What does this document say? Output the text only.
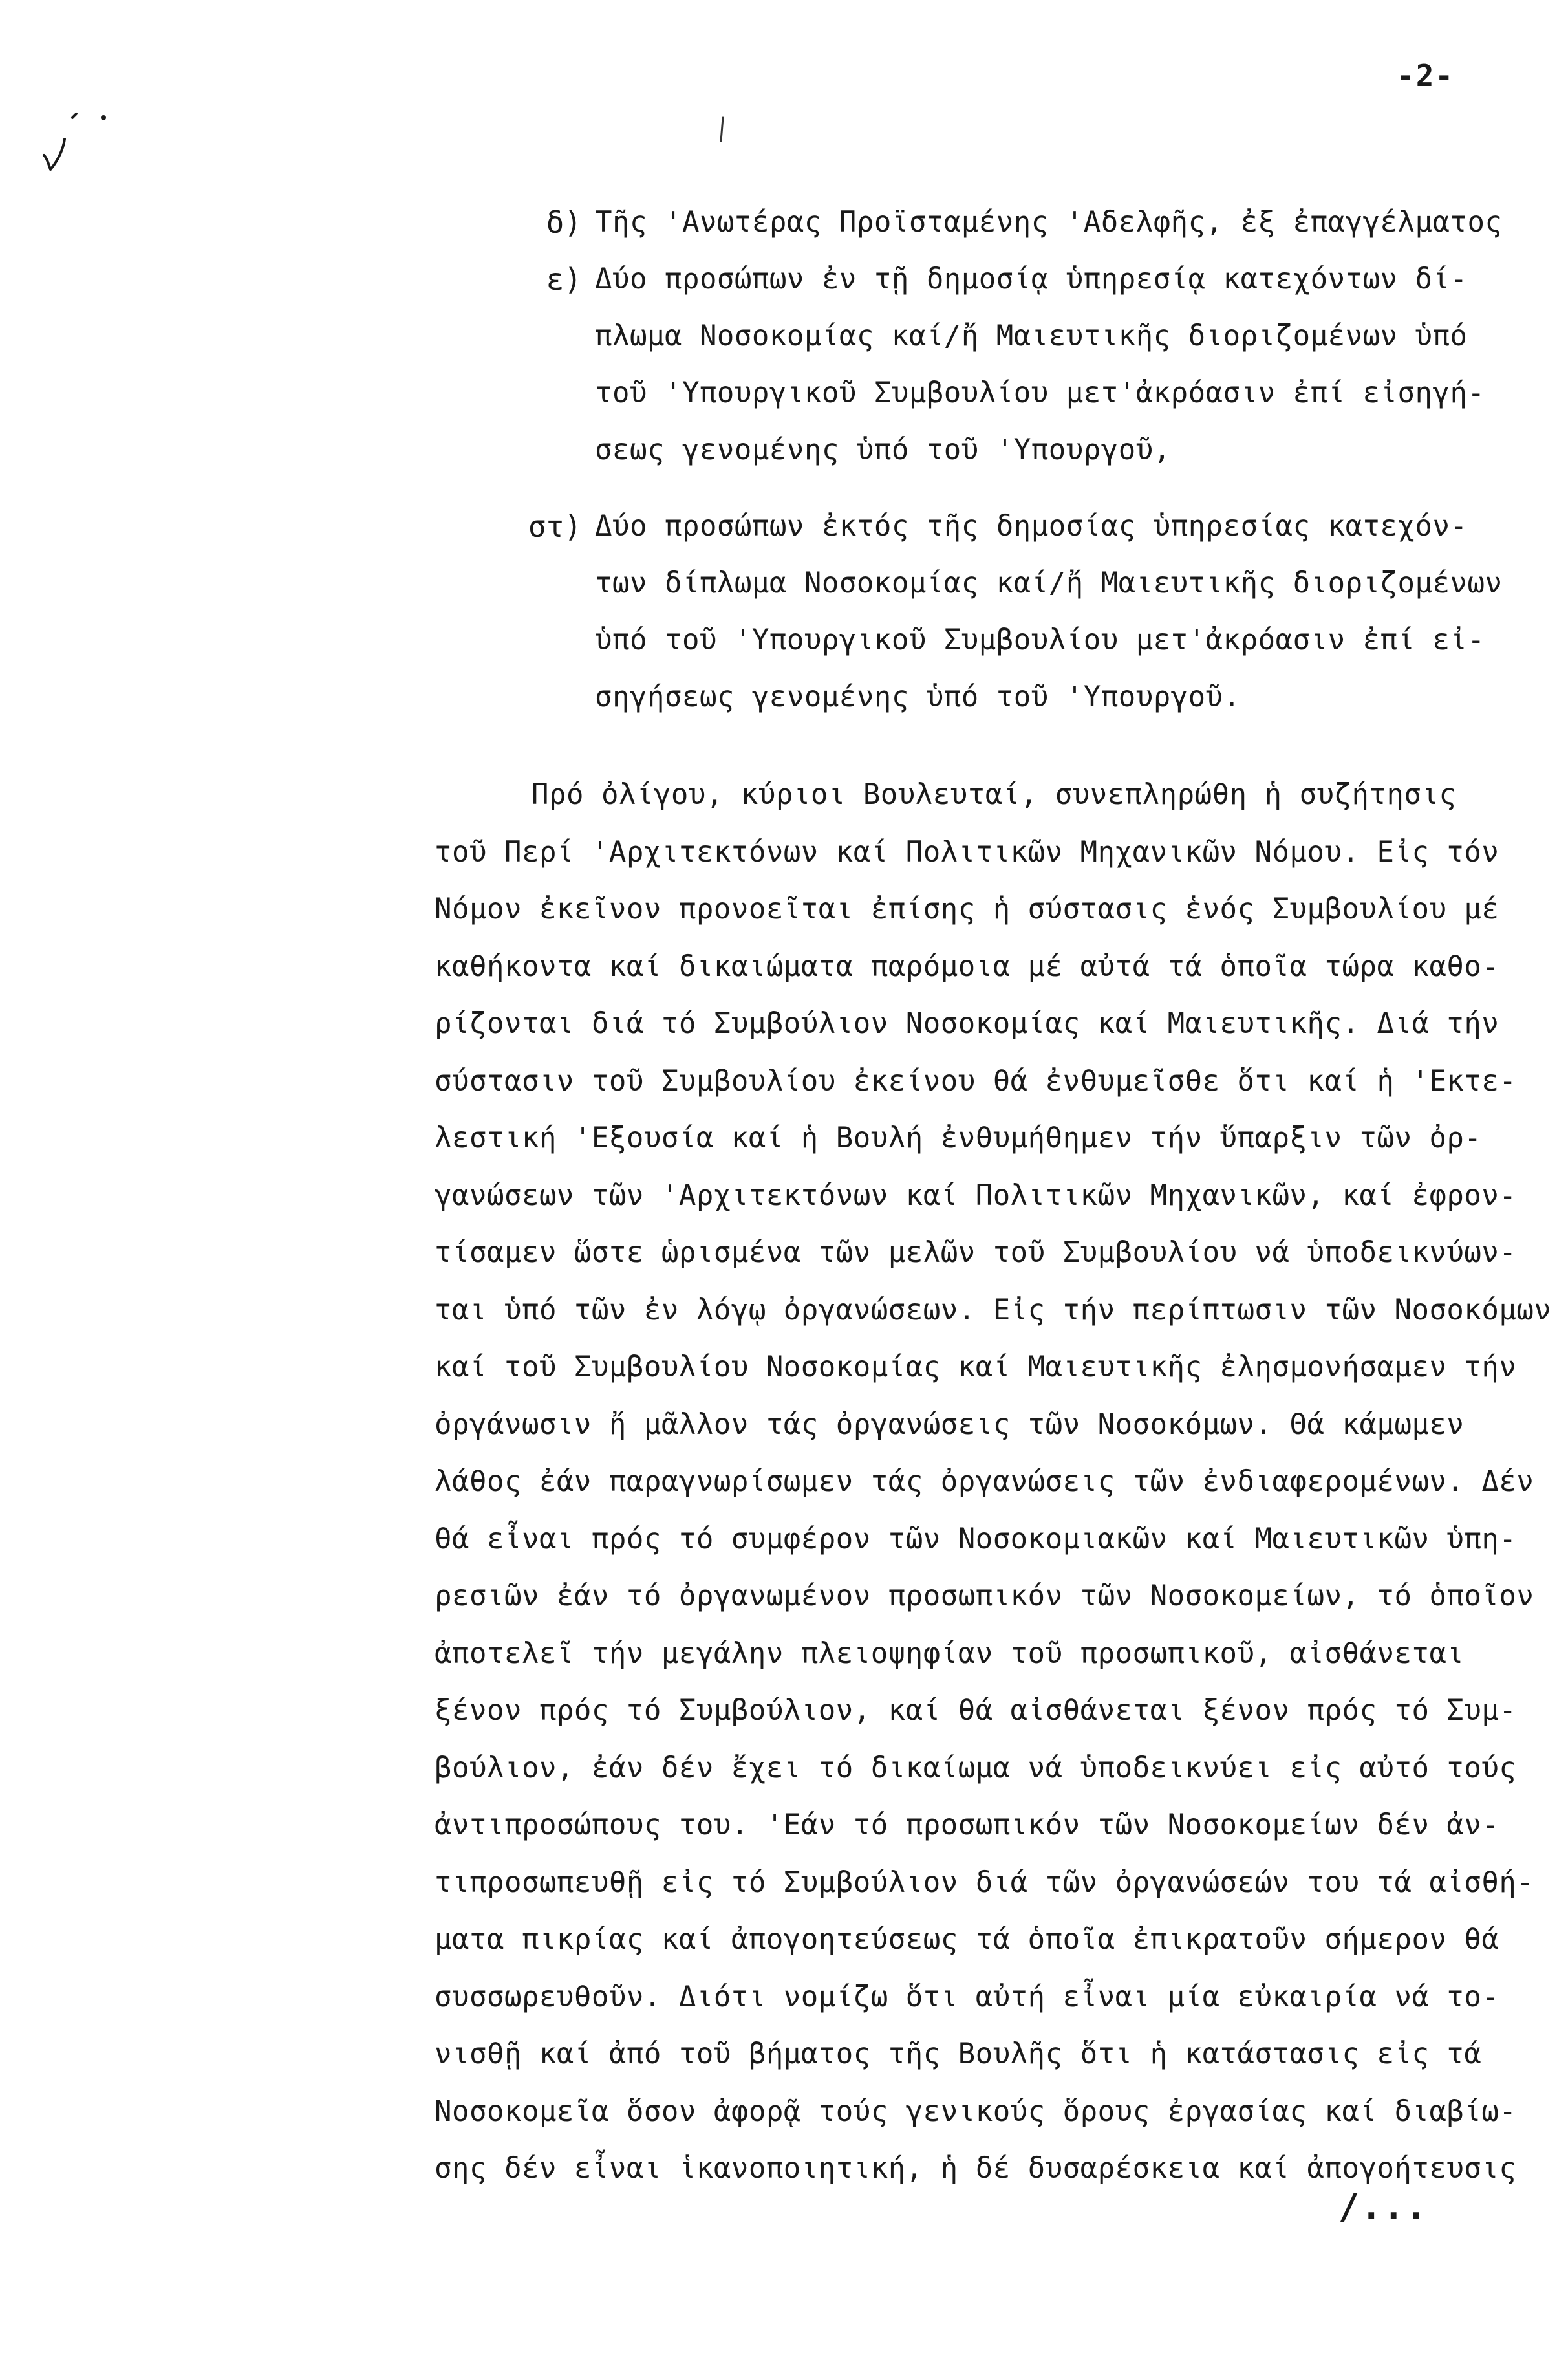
-2-
δ) Τῆς 'Ανωτέρας Προϊσταμένης 'Αδελφῆς, ἐξ ἐπαγγέλματος
ε) Δύο προσώπων ἐν τῇ δημοσίᾳ ὑπηρεσίᾳ κατεχόντων δί-
πλωμα Νοσοκομίας καί/ἤ Μαιευτικῆς διοριζομένων ὑπό
τοῦ 'Υπουργικοῦ Συμβουλίου μετ'ἀκρόασιν ἐπί εἰσηγή-
σεως γενομένης ὑπό τοῦ 'Υπουργοῦ,
στ) Δύο προσώπων ἐκτός τῆς δημοσίας ὑπηρεσίας κατεχόν-
των δίπλωμα Νοσοκομίας καί/ἤ Μαιευτικῆς διοριζομένων
ὑπό τοῦ 'Υπουργικοῦ Συμβουλίου μετ'ἀκρόασιν ἐπί εἰ-
σηγήσεως γενομένης ὑπό τοῦ 'Υπουργοῦ.
Πρό ὀλίγου, κύριοι Βουλευταί, συνεπληρώθη ἡ συζήτησις
τοῦ Περί 'Αρχιτεκτόνων καί Πολιτικῶν Μηχανικῶν Νόμου. Εἰς τόν
Νόμον ἐκεῖνον προνοεῖται ἐπίσης ἡ σύστασις ἑνός Συμβουλίου μέ
καθήκοντα καί δικαιώματα παρόμοια μέ αὐτά τά ὁποῖα τώρα καθο-
ρίζονται διά τό Συμβούλιον Νοσοκομίας καί Μαιευτικῆς. Διά τήν
σύστασιν τοῦ Συμβουλίου ἐκείνου θά ἐνθυμεῖσθε ὅτι καί ἡ 'Εκτε-
λεστική 'Εξουσία καί ἡ Βουλή ἐνθυμήθημεν τήν ὕπαρξιν τῶν ὀρ-
γανώσεων τῶν 'Αρχιτεκτόνων καί Πολιτικῶν Μηχανικῶν, καί ἐφρον-
τίσαμεν ὥστε ὡρισμένα τῶν μελῶν τοῦ Συμβουλίου νά ὑποδεικνύων-
ται ὑπό τῶν ἐν λόγῳ ὀργανώσεων. Εἰς τήν περίπτωσιν τῶν Νοσοκόμων
καί τοῦ Συμβουλίου Νοσοκομίας καί Μαιευτικῆς ἐλησμονήσαμεν τήν
ὀργάνωσιν ἤ μᾶλλον τάς ὀργανώσεις τῶν Νοσοκόμων. Θά κάμωμεν
λάθος ἐάν παραγνωρίσωμεν τάς ὀργανώσεις τῶν ἐνδιαφερομένων. Δέν
θά εἶναι πρός τό συμφέρον τῶν Νοσοκομιακῶν καί Μαιευτικῶν ὑπη-
ρεσιῶν ἐάν τό ὀργανωμένον προσωπικόν τῶν Νοσοκομείων, τό ὁποῖον
ἀποτελεῖ τήν μεγάλην πλειοψηφίαν τοῦ προσωπικοῦ, αἰσθάνεται
ξένον πρός τό Συμβούλιον, καί θά αἰσθάνεται ξένον πρός τό Συμ-
βούλιον, ἐάν δέν ἔχει τό δικαίωμα νά ὑποδεικνύει εἰς αὐτό τούς
ἀντιπροσώπους του. 'Εάν τό προσωπικόν τῶν Νοσοκομείων δέν ἀν-
τιπροσωπευθῇ εἰς τό Συμβούλιον διά τῶν ὀργανώσεών του τά αἰσθή-
ματα πικρίας καί ἀπογοητεύσεως τά ὁποῖα ἐπικρατοῦν σήμερον θά
συσσωρευθοῦν. Διότι νομίζω ὅτι αὐτή εἶναι μία εὐκαιρία νά το-
νισθῇ καί ἀπό τοῦ βήματος τῆς Βουλῆς ὅτι ἡ κατάστασις εἰς τά
Νοσοκομεῖα ὅσον ἀφορᾷ τούς γενικούς ὅρους ἐργασίας καί διαβίω-
σης δέν εἶναι ἱκανοποιητική, ἡ δέ δυσαρέσκεια καί ἀπογοήτευσις
/...
